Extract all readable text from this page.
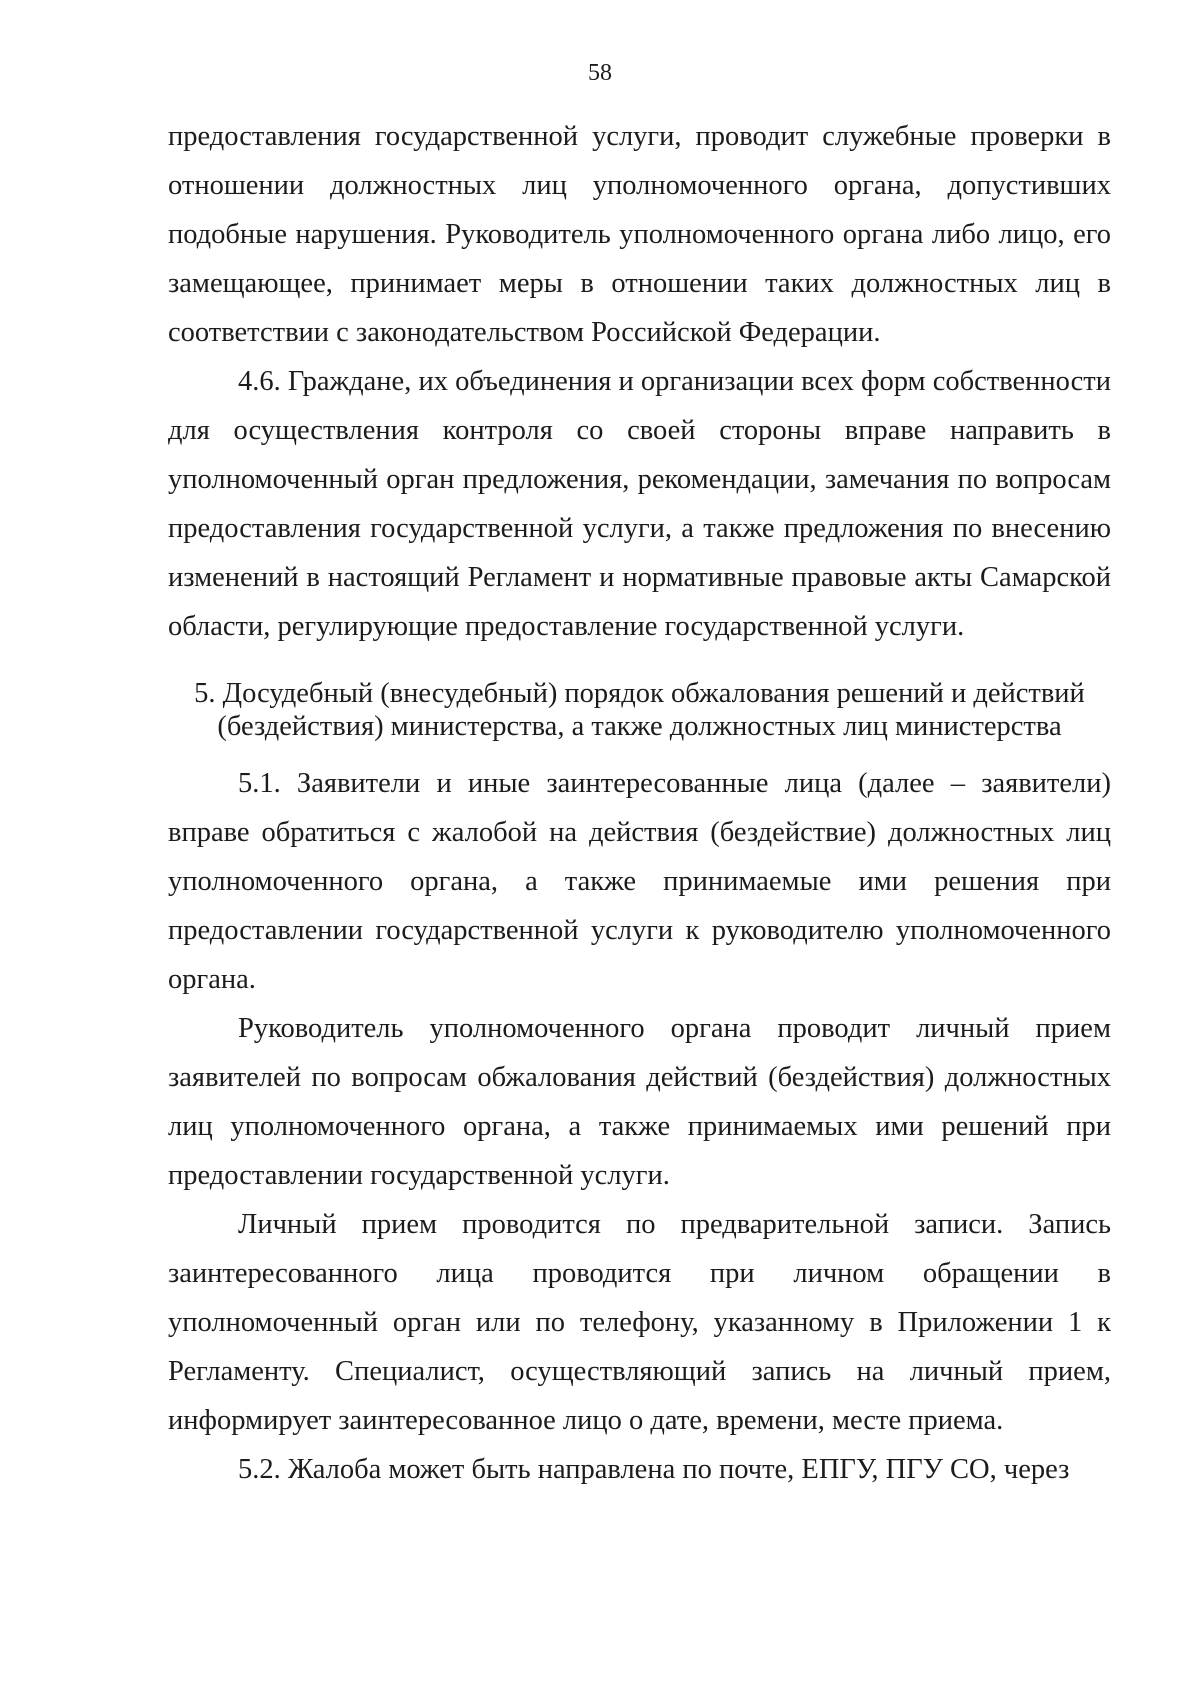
58

предоставления государственной услуги, проводит служебные проверки в отношении должностных лиц уполномоченного органа, допустивших подобные нарушения. Руководитель уполномоченного органа либо лицо, его замещающее, принимает меры в отношении таких должностных лиц в соответствии с законодательством Российской Федерации.

4.6. Граждане, их объединения и организации всех форм собственности для осуществления контроля со своей стороны вправе направить в уполномоченный орган предложения, рекомендации, замечания по вопросам предоставления государственной услуги, а также предложения по внесению изменений в настоящий Регламент и нормативные правовые акты Самарской области, регулирующие предоставление государственной услуги.

5. Досудебный (внесудебный) порядок обжалования решений и действий
(бездействия) министерства, а также должностных лиц министерства

5.1. Заявители и иные заинтересованные лица (далее – заявители) вправе обратиться с жалобой на действия (бездействие) должностных лиц уполномоченного органа, а также принимаемые ими решения при предоставлении государственной услуги к руководителю уполномоченного органа.

Руководитель уполномоченного органа проводит личный прием заявителей по вопросам обжалования действий (бездействия) должностных лиц уполномоченного органа, а также принимаемых ими решений при предоставлении государственной услуги.

Личный прием проводится по предварительной записи. Запись заинтересованного лица проводится при личном обращении в уполномоченный орган или по телефону, указанному в Приложении 1 к Регламенту. Специалист, осуществляющий запись на личный прием, информирует заинтересованное лицо о дате, времени, месте приема.

5.2. Жалоба может быть направлена по почте, ЕПГУ, ПГУ СО, через
